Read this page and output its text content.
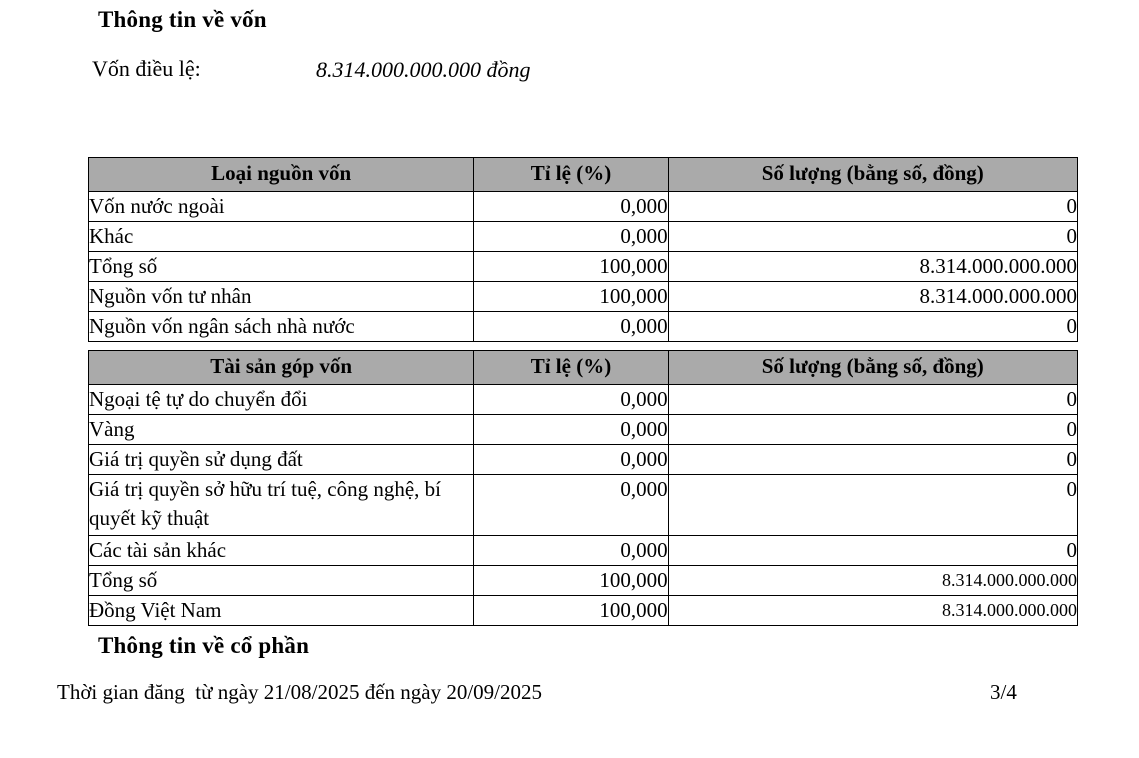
Thông tin về vốn
Vốn điều lệ:	8.314.000.000.000 đồng
Loại nguồn vốn	Tỉ lệ (%)	Số lượng (bằng số, đồng)
Vốn nước ngoài	0,000	0
Khác	0,000	0
Tổng số	100,000	8.314.000.000.000
Nguồn vốn tư nhân	100,000	8.314.000.000.000
Nguồn vốn ngân sách nhà nước	0,000	0
Tài sản góp vốn	Tỉ lệ (%)	Số lượng (bằng số, đồng)
Ngoại tệ tự do chuyển đổi	0,000	0
Vàng	0,000	0
Giá trị quyền sử dụng đất	0,000	0
Giá trị quyền sở hữu trí tuệ, công nghệ, bí quyết kỹ thuật	0,000	0
Các tài sản khác	0,000	0
Tổng số	100,000	8.314.000.000.000
Đồng Việt Nam	100,000	8.314.000.000.000
Thông tin về cổ phần
Thời gian đăng  từ ngày 21/08/2025 đến ngày 20/09/2025	3/4
